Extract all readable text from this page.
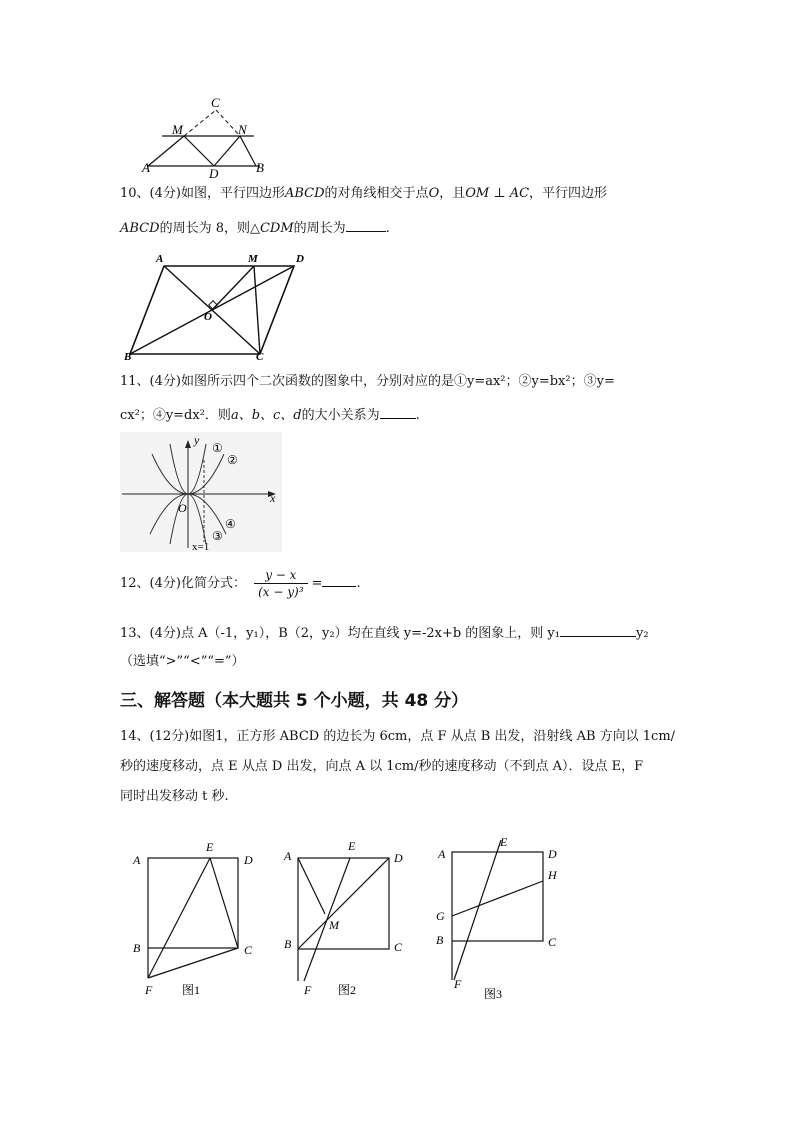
C
M	N
A	D	B
10、(4分)如图，平行四边形ABCD的对角线相交于点O，且OM ⊥ AC，平行四边形
ABCD的周长为 8，则△CDM的周长为	.
A	M	D
O
B	C
11、(4分)如图所示四个二次函数的图象中，分别对应的是①y=ax²；②y=bx²；③y=
cx²；④y=dx²．则a、b、c、d的大小关系为	.
y
x
O
①
②
③
④
x=1
12、(4分)化简分式： $\frac{y - x}{\text{(x − y)³}}$ =	.
13、(4分)点 A（-1，y₁），B（2，y₂）均在直线 y=-2x+b 的图象上，则 y₁	y₂
（选填“>”“<”“=”）
三、解答题（本大题共 5 个小题，共 48 分）
14、(12分)如图1，正方形 ABCD 的边长为 6cm，点 F 从点 B 出发，沿射线 AB 方向以 1cm/
秒的速度移动，点 E 从点 D 出发，向点 A 以 1cm/秒的速度移动（不到点 A）．设点 E，F
同时出发移动 t 秒.
A
E
D
B	C
F 图1
A
E
D
M
B	C
F 图2
A
E
D
H
G
B	C
F
图3
